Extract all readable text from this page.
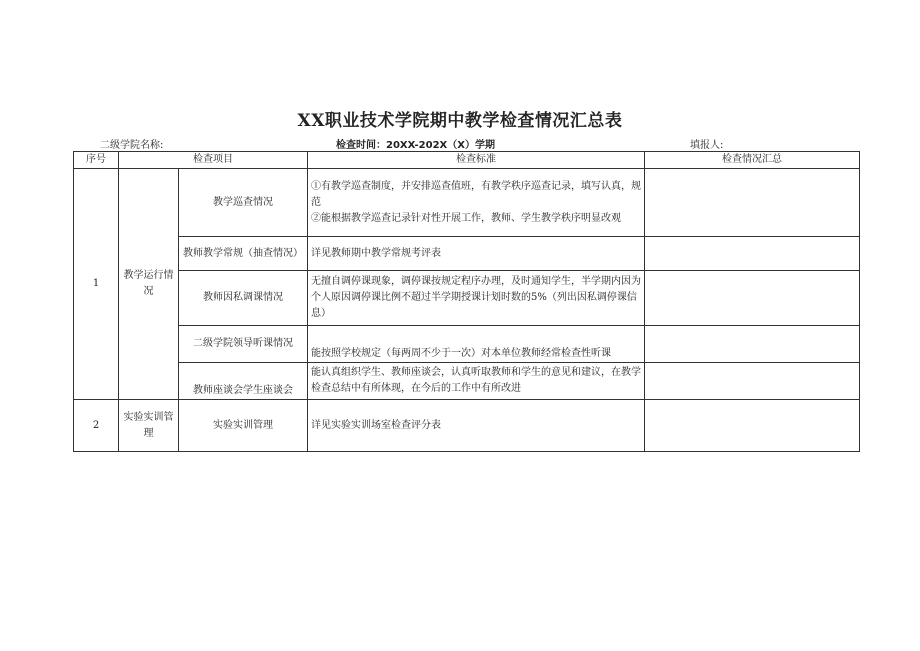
XX职业技术学院期中教学检查情况汇总表
二级学院名称:	检查时间：20XX-202X（X）学期	填报人:
序号	检查项目		检查标准	检查情况汇总
1	教学运行情况	教学巡查情况	①有教学巡查制度，并安排巡查值班，有教学秩序巡查记录，填写认真，规范
②能根据教学巡查记录针对性开展工作，教师、学生教学秩序明显改观	

		教师教学常规（抽查情况）	详见教师期中教学常规考评表	

		教师因私调课情况	无擅自调停课现象，调停课按规定程序办理，及时通知学生，半学期内因为个人原因调停课比例不超过半学期授课计划时数的5%（列出因私调停课信息）	

		二级学院领导听课情况	能按照学校规定（每两周不少于一次）对本单位教师经常检查性听课	

		教师座谈会学生座谈会	能认真组织学生、教师座谈会，认真听取教师和学生的意见和建议，在教学检查总结中有所体现，在今后的工作中有所改进	

2	实验实训管理	实验实训管理	详见实验实训场室检查评分表	
